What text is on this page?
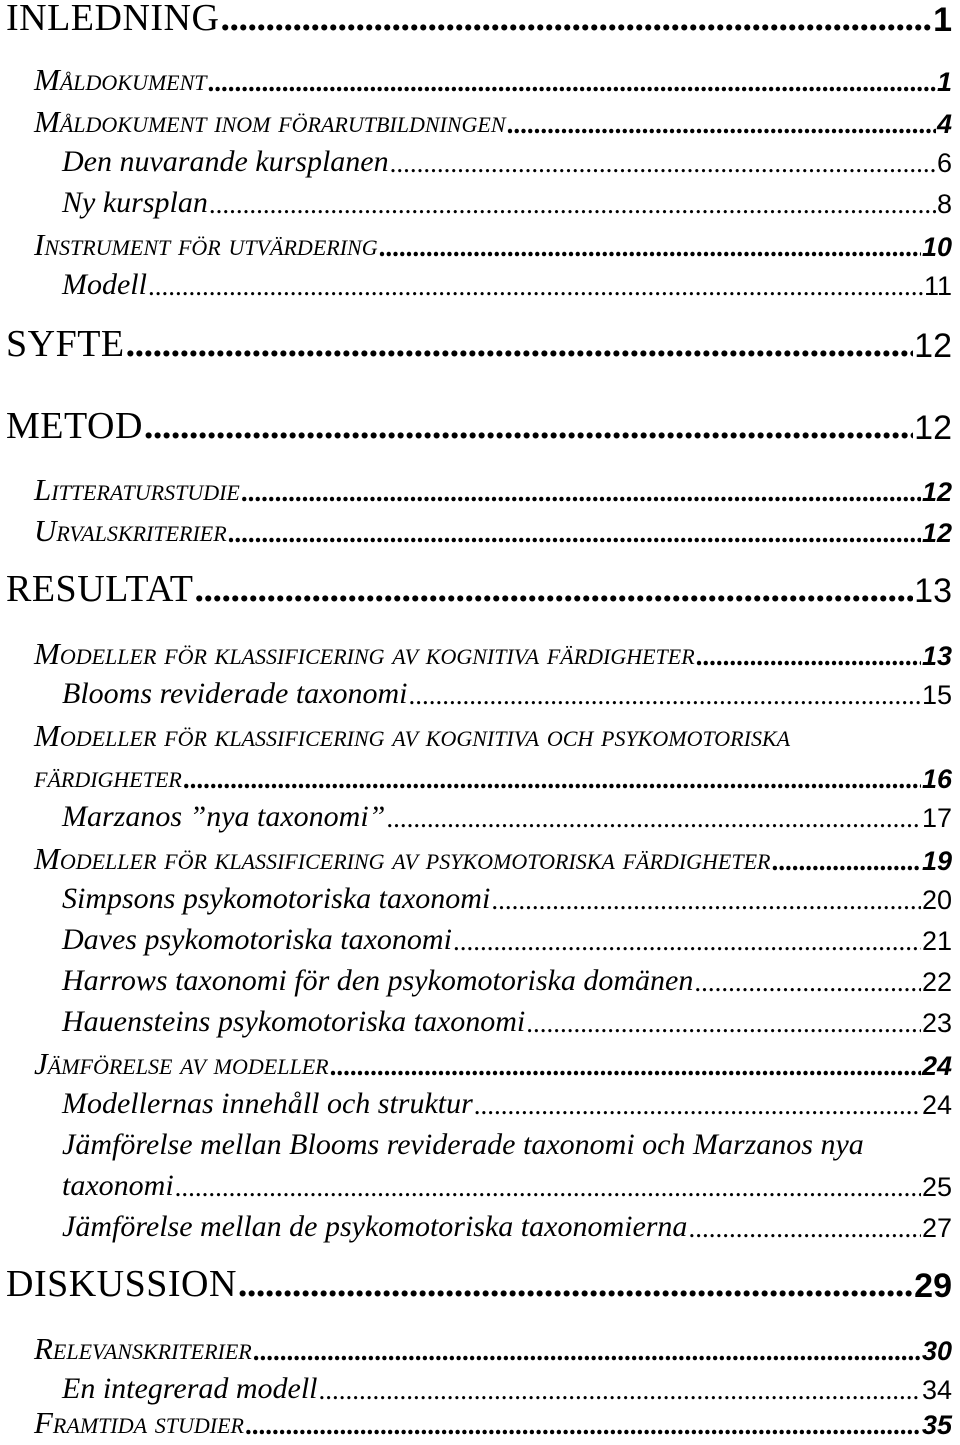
INLEDNING .....	1
Måldokument .....	1
Måldokument inom förarutbildningen .....	4
Den nuvarande kursplanen .....	6
Ny kursplan .....	8
Instrument för utvärdering .....	10
Modell .....	11
SYFTE .....	12
METOD .....	12
Litteraturstudie .....	12
Urvalskriterier .....	12
RESULTAT .....	13
Modeller för klassificering av kognitiva färdigheter .....	13
Blooms reviderade taxonomi .....	15
Modeller för klassificering av kognitiva och psykomotoriska
färdigheter .....	16
Marzanos ”nya taxonomi” .....	17
Modeller för klassificering av psykomotoriska färdigheter .....	19
Simpsons psykomotoriska taxonomi .....	20
Daves psykomotoriska taxonomi .....	21
Harrows taxonomi för den psykomotoriska domänen .....	22
Hauensteins psykomotoriska taxonomi .....	23
Jämförelse av modeller .....	24
Modellernas innehåll och struktur .....	24
Jämförelse mellan Blooms reviderade taxonomi och Marzanos nya
taxonomi .....	25
Jämförelse mellan de psykomotoriska taxonomierna .....	27
DISKUSSION .....	29
Relevanskriterier .....	30
En integrerad modell .....	34
Framtida studier .....	35
